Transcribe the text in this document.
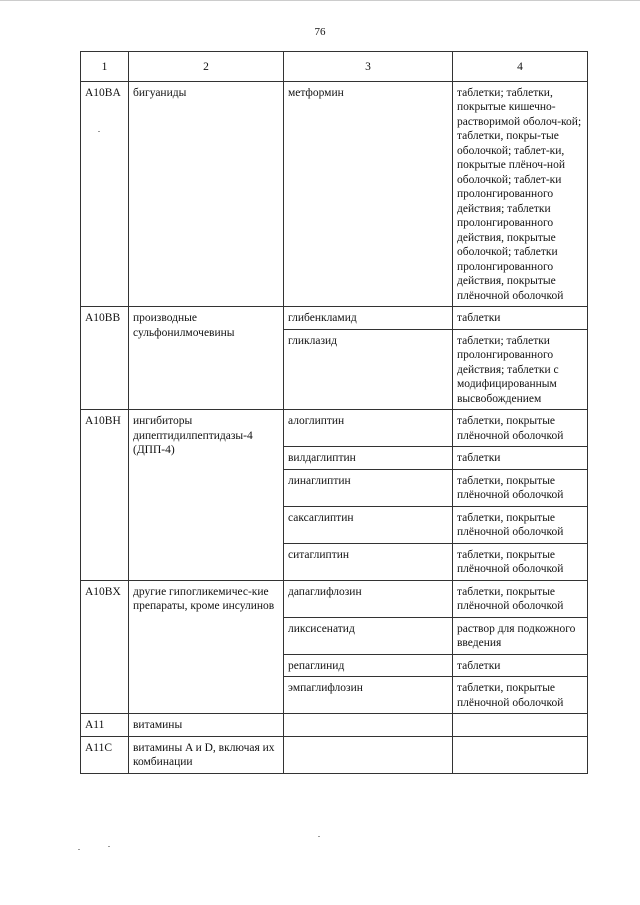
76
1	2	3	4
A10BA	бигуаниды	метформин	таблетки; таблетки, покрытые кишечно-растворимой оболоч-кой; таблетки, покры-тые оболочкой; таблет-ки, покрытые плёноч-ной оболочкой; таблет-ки пролонгированного действия; таблетки пролонгированного действия, покрытые оболочкой; таблетки пролонгированного действия, покрытые плёночной оболочкой
A10BB	производные сульфонилмочевины	глибенкламид	таблетки
		гликлазид	таблетки; таблетки пролонгированного действия; таблетки с модифицированным высвобождением
A10BH	ингибиторы дипептидилпептидазы-4 (ДПП-4)	алоглиптин	таблетки, покрытые плёночной оболочкой
		вилдаглиптин	таблетки
		линаглиптин	таблетки, покрытые плёночной оболочкой
		саксаглиптин	таблетки, покрытые плёночной оболочкой
		ситаглиптин	таблетки, покрытые плёночной оболочкой
A10BX	другие гипогликемичес-кие препараты, кроме инсулинов	дапаглифлозин	таблетки, покрытые плёночной оболочкой
		ликсисенатид	раствор для подкожного введения
		репаглинид	таблетки
		эмпаглифлозин	таблетки, покрытые плёночной оболочкой
A11	витамины		
A11C	витамины A и D, включая их комбинации		
